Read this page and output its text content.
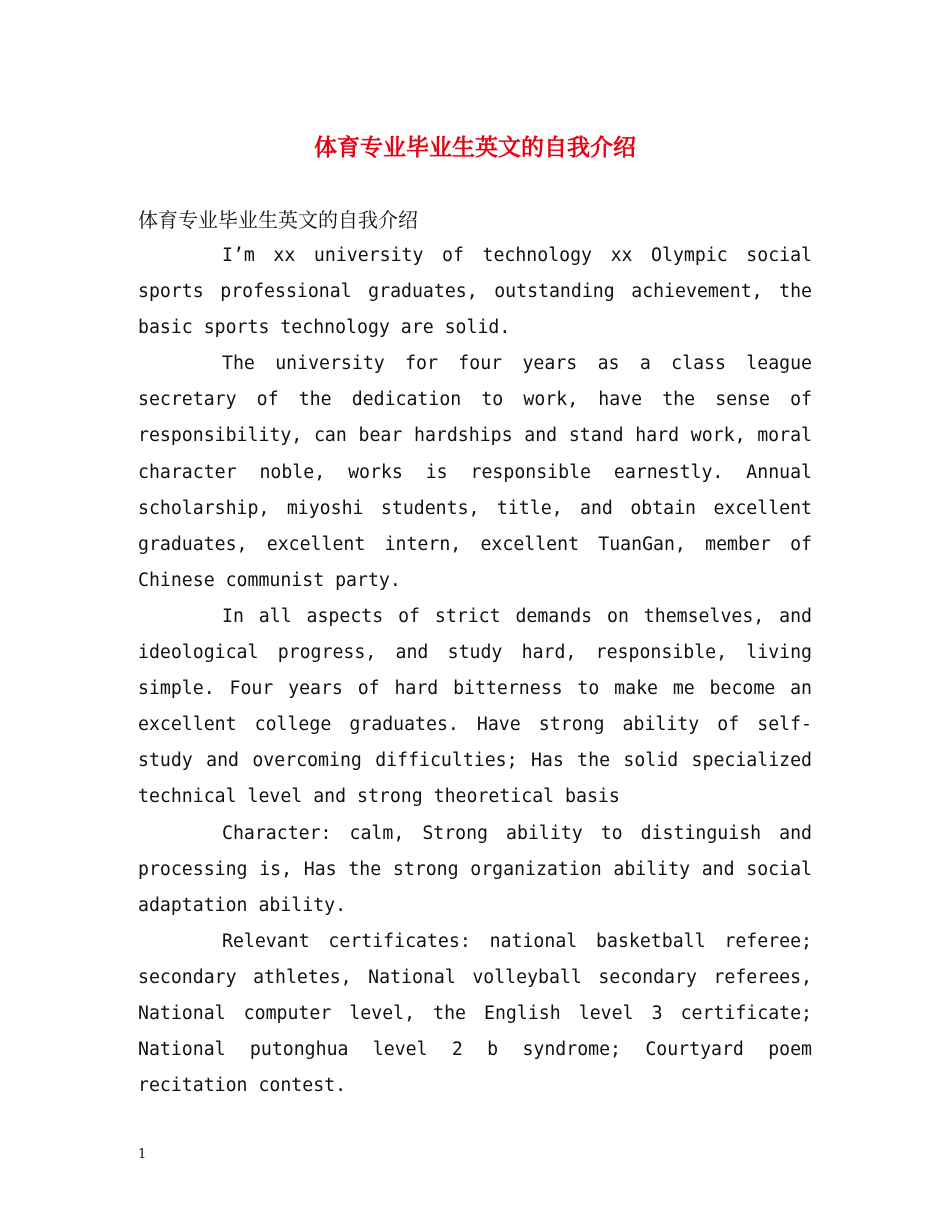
体育专业毕业生英文的自我介绍

体育专业毕业生英文的自我介绍

I’m xx university of technology xx Olympic social sports professional graduates, outstanding achievement, the basic sports technology are solid.

The university for four years as a class league secretary of the dedication to work, have the sense of responsibility, can bear hardships and stand hard work, moral character noble, works is responsible earnestly. Annual scholarship, miyoshi students, title, and obtain excellent graduates, excellent intern, excellent TuanGan, member of Chinese communist party.

In all aspects of strict demands on themselves, and ideological progress, and study hard, responsible, living simple. Four years of hard bitterness to make me become an excellent college graduates. Have strong ability of self-study and overcoming difficulties; Has the solid specialized technical level and strong theoretical basis

Character: calm, Strong ability to distinguish and processing is, Has the strong organization ability and social adaptation ability.

Relevant certificates: national basketball referee; secondary athletes, National volleyball secondary referees, National computer level, the English level 3 certificate; National putonghua level 2 b syndrome; Courtyard poem recitation contest.

1
